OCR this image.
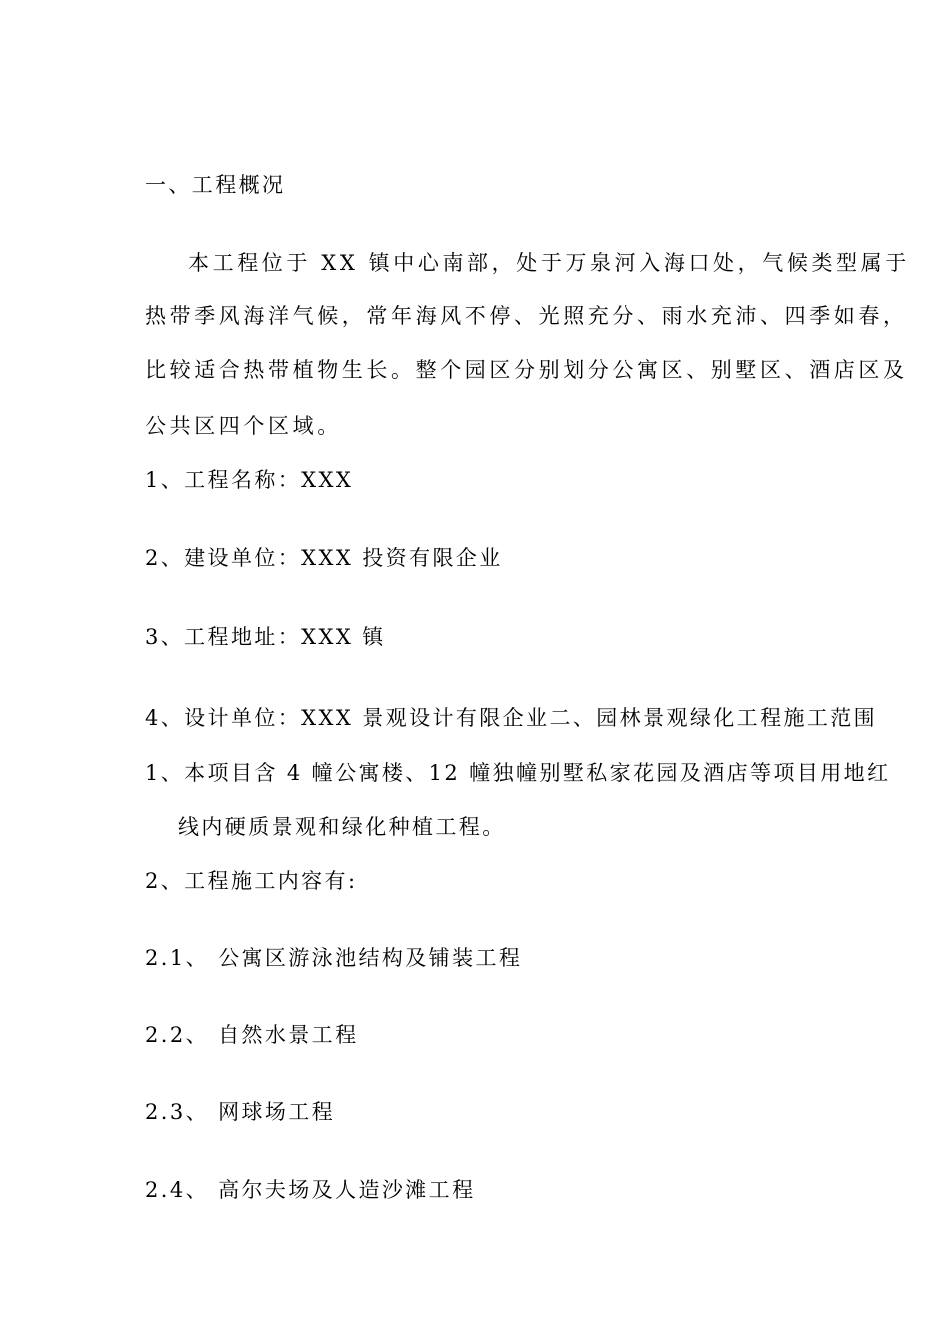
一、工程概况
本工程位于 XX 镇中心南部，处于万泉河入海口处，气候类型属于
热带季风海洋气候，常年海风不停、光照充分、雨水充沛、四季如春，
比较适合热带植物生长。整个园区分别划分公寓区、别墅区、酒店区及
公共区四个区域。
1、工程名称：XXX
2、建设单位：XXX 投资有限企业
3、工程地址：XXX 镇
4、设计单位：XXX 景观设计有限企业二、园林景观绿化工程施工范围
1、本项目含 4 幢公寓楼、12 幢独幢别墅私家花园及酒店等项目用地红
线内硬质景观和绿化种植工程。
2、工程施工内容有:
2.1、 公寓区游泳池结构及铺装工程
2.2、 自然水景工程
2.3、 网球场工程
2.4、 高尔夫场及人造沙滩工程
